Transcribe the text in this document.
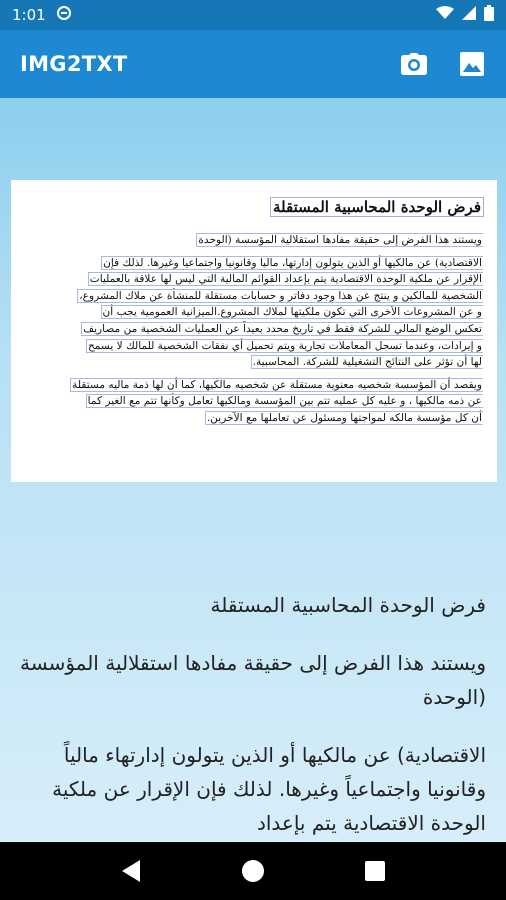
1:01
IMG2TXT
فرض الوحدة المحاسبية المستقلة
ويستند هذا الفرض إلى حقيقة مفادها استقلالية المؤسسة (الوحدة
الاقتصادية) عن مالكيها أو الذين يتولون إدارتها، ماليا وقانونيا واجتماعيا وغيرها. لذلك فإن
الإقرار عن ملكية الوحدة الاقتصادية يتم بإعداد القوائم المالية التي ليس لها علاقة بالعمليات
الشخصية للمالكين و ينتج عن هذا وجود دفاتر و حسابات مستقلة للمنشأة عن ملاك المشروع،
و عن المشروعات الأخرى التي تكون ملكيتها لملاك المشروع.الميزانية العمومية يجب أن
تعكس الوضع المالي للشركة فقط في تاريخ محدد بعيداً عن العمليات الشخصية من مصاريف
و إيرادات، وعندما تسجل المعاملات تجارية ويتم تحميل أي نفقات الشخصية للمالك لا يسمح
لها أن تؤثر على النتائج التشغيلية للشركة. المحاسبية.
ويقصد أن المؤسسة شخصيه معنوية مستقلة عن شخصيه مالكيها، كما أن لها ذمة ماليه مستقلة
عن ذمه مالكيها ، و عليه كل عمليه تتم بين المؤسسة ومالكيها تعامل وكأنها تتم مع الغير كما
أن كل مؤسسة مالكه لمواجتها ومسئول عن تعاملها مع الآخرين.

فرض الوحدة المحاسبية المستقلة

ويستند هذا الفرض إلى حقيقة مفادها استقلالية المؤسسة (الوحدة

الاقتصادية) عن مالكيها أو الذين يتولون إدارتهاء مالياً وقانونيا واجتماعياً وغيرها. لذلك فإن الإقرار عن ملكية الوحدة الاقتصادية يتم بإعداد
